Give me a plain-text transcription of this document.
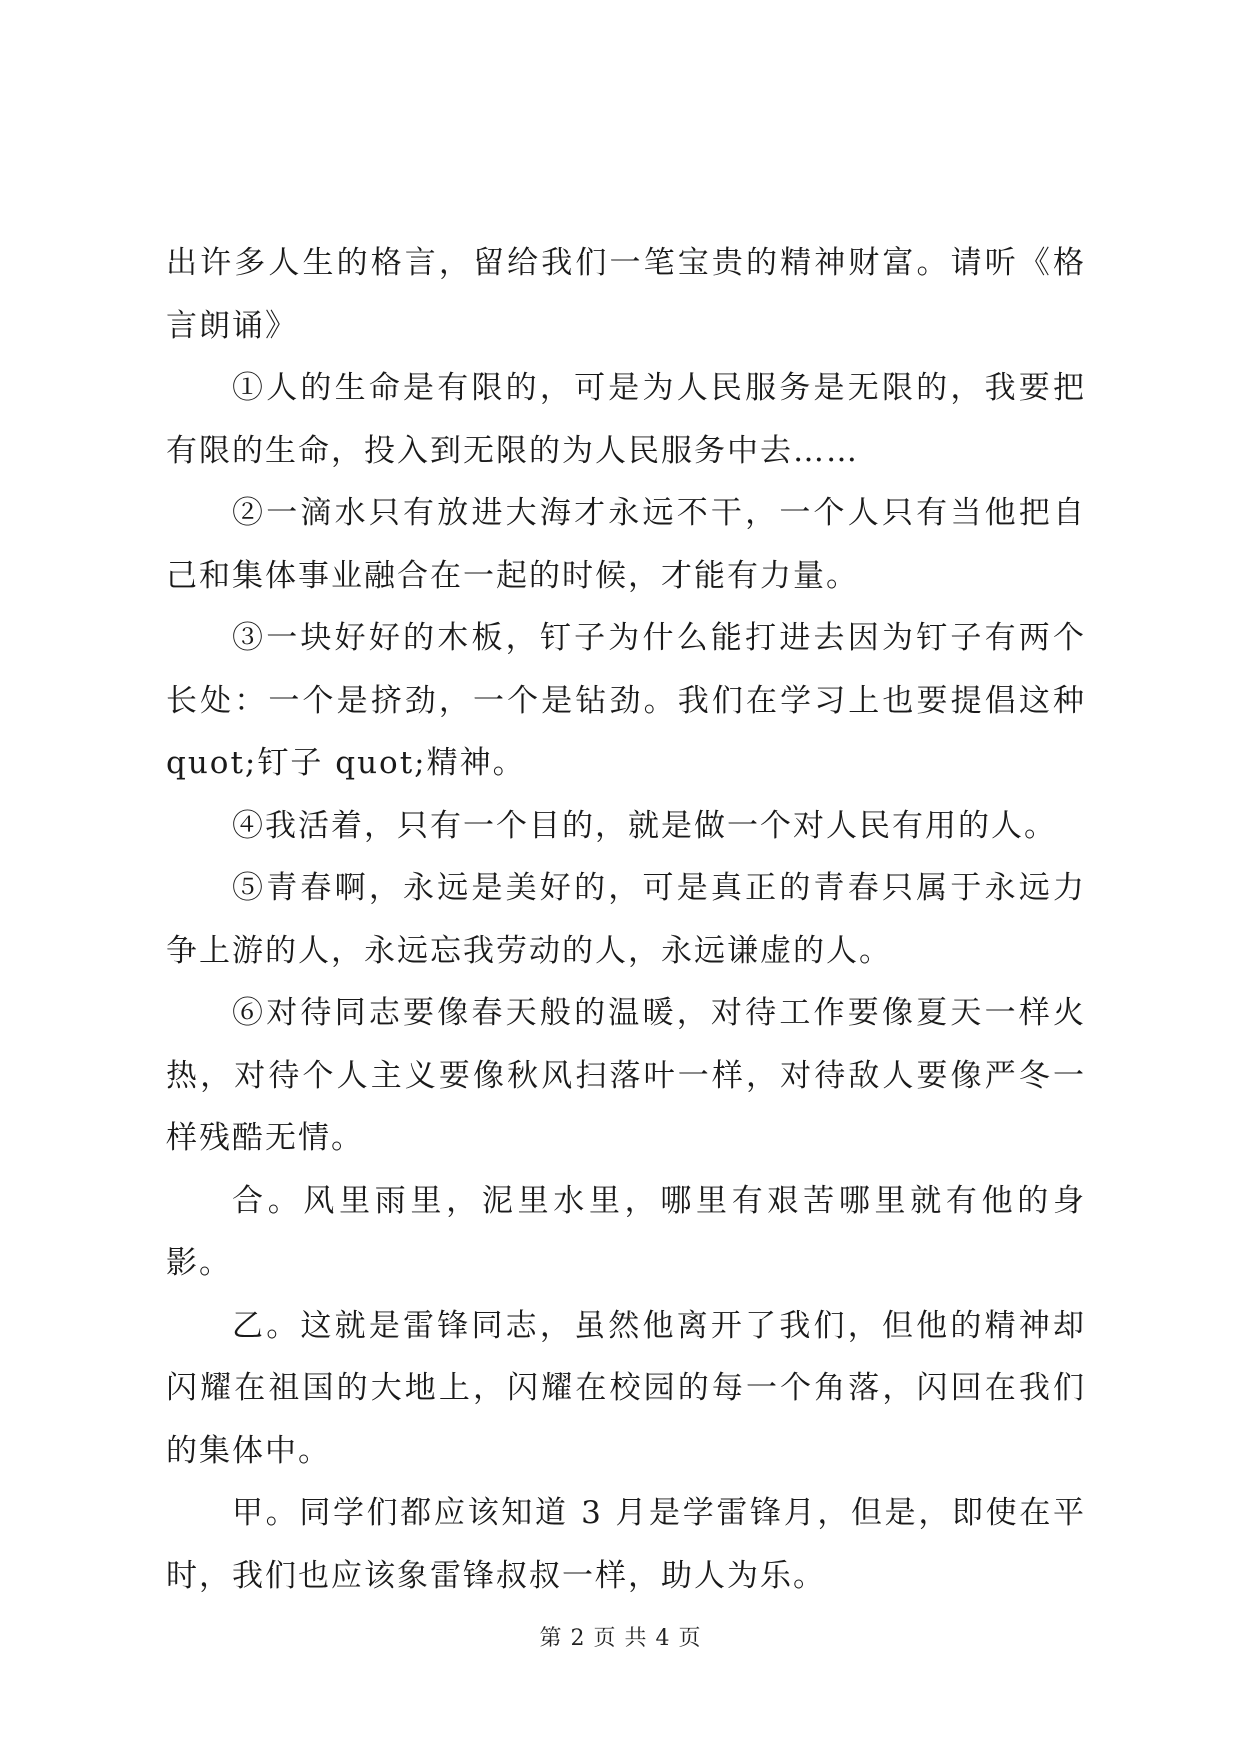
出许多人生的格言，留给我们一笔宝贵的精神财富。请听《格言朗诵》

①人的生命是有限的，可是为人民服务是无限的，我要把有限的生命，投入到无限的为人民服务中去……

②一滴水只有放进大海才永远不干，一个人只有当他把自己和集体事业融合在一起的时候，才能有力量。

③一块好好的木板，钉子为什么能打进去因为钉子有两个长处：一个是挤劲，一个是钻劲。我们在学习上也要提倡这种 quot;钉子 quot;精神。

④我活着，只有一个目的，就是做一个对人民有用的人。

⑤青春啊，永远是美好的，可是真正的青春只属于永远力争上游的人，永远忘我劳动的人，永远谦虚的人。

⑥对待同志要像春天般的温暖，对待工作要像夏天一样火热，对待个人主义要像秋风扫落叶一样，对待敌人要像严冬一样残酷无情。

合。风里雨里，泥里水里，哪里有艰苦哪里就有他的身影。

乙。这就是雷锋同志，虽然他离开了我们，但他的精神却闪耀在祖国的大地上，闪耀在校园的每一个角落，闪回在我们的集体中。

甲。同学们都应该知道 3 月是学雷锋月，但是，即使在平时，我们也应该象雷锋叔叔一样，助人为乐。

第 2 页 共 4 页
